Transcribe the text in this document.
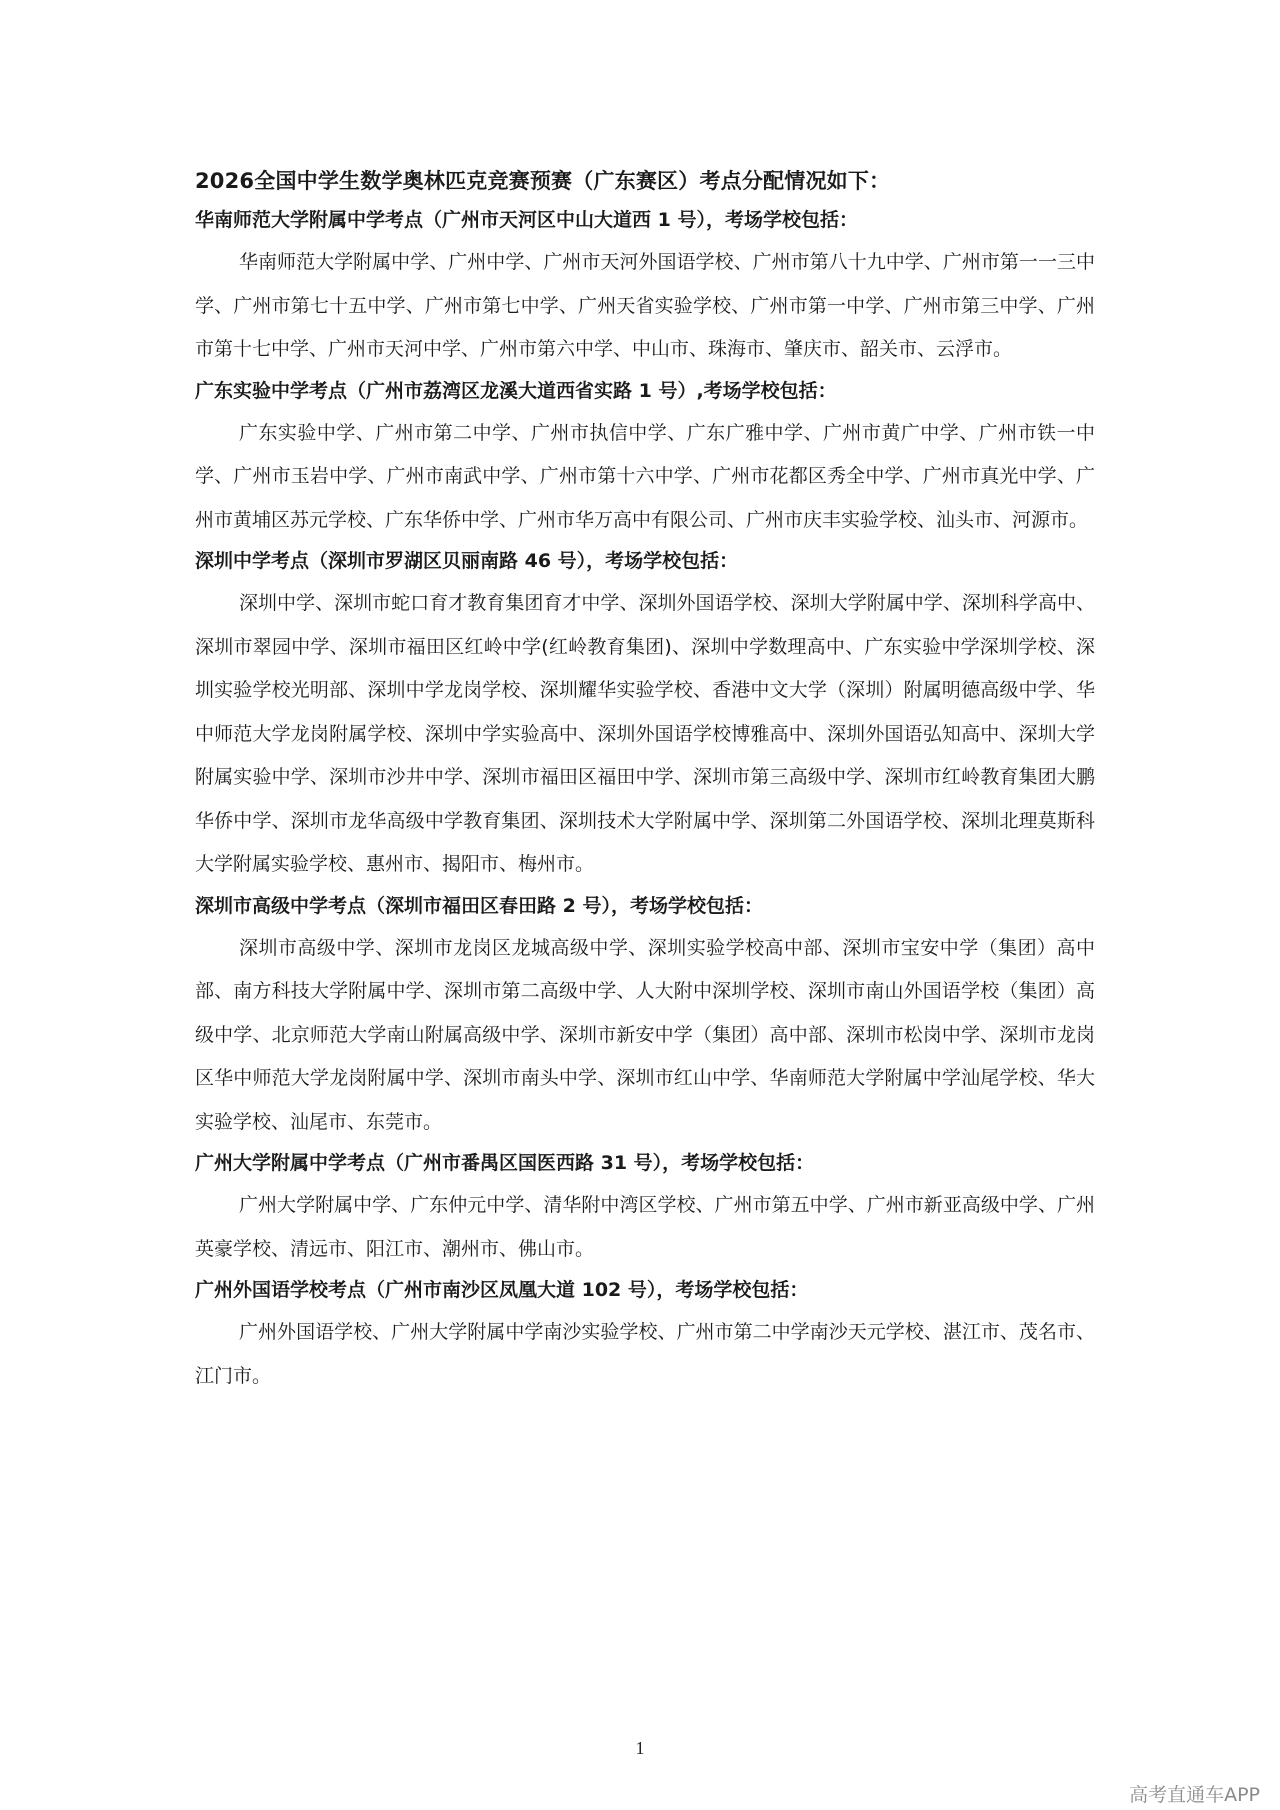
2026全国中学生数学奥林匹克竞赛预赛（广东赛区）考点分配情况如下：
华南师范大学附属中学考点（广州市天河区中山大道西 1 号），考场学校包括：

华南师范大学附属中学、广州中学、广州市天河外国语学校、广州市第八十九中学、广州市第一一三中学、广州市第七十五中学、广州市第七中学、广州天省实验学校、广州市第一中学、广州市第三中学、广州市第十七中学、广州市天河中学、广州市第六中学、中山市、珠海市、肇庆市、韶关市、云浮市。

广东实验中学考点（广州市荔湾区龙溪大道西省实路 1 号）,考场学校包括：

广东实验中学、广州市第二中学、广州市执信中学、广东广雅中学、广州市黄广中学、广州市铁一中学、广州市玉岩中学、广州市南武中学、广州市第十六中学、广州市花都区秀全中学、广州市真光中学、广州市黄埔区苏元学校、广东华侨中学、广州市华万高中有限公司、广州市庆丰实验学校、汕头市、河源市。

深圳中学考点（深圳市罗湖区贝丽南路 46 号），考场学校包括：

深圳中学、深圳市蛇口育才教育集团育才中学、深圳外国语学校、深圳大学附属中学、深圳科学高中、深圳市翠园中学、深圳市福田区红岭中学(红岭教育集团)、深圳中学数理高中、广东实验中学深圳学校、深圳实验学校光明部、深圳中学龙岗学校、深圳耀华实验学校、香港中文大学（深圳）附属明德高级中学、华中师范大学龙岗附属学校、深圳中学实验高中、深圳外国语学校博雅高中、深圳外国语弘知高中、深圳大学附属实验中学、深圳市沙井中学、深圳市福田区福田中学、深圳市第三高级中学、深圳市红岭教育集团大鹏华侨中学、深圳市龙华高级中学教育集团、深圳技术大学附属中学、深圳第二外国语学校、深圳北理莫斯科大学附属实验学校、惠州市、揭阳市、梅州市。

深圳市高级中学考点（深圳市福田区春田路 2 号），考场学校包括：

深圳市高级中学、深圳市龙岗区龙城高级中学、深圳实验学校高中部、深圳市宝安中学（集团）高中部、南方科技大学附属中学、深圳市第二高级中学、人大附中深圳学校、深圳市南山外国语学校（集团）高级中学、北京师范大学南山附属高级中学、深圳市新安中学（集团）高中部、深圳市松岗中学、深圳市龙岗区华中师范大学龙岗附属中学、深圳市南头中学、深圳市红山中学、华南师范大学附属中学汕尾学校、华大实验学校、汕尾市、东莞市。

广州大学附属中学考点（广州市番禺区国医西路 31 号），考场学校包括：

广州大学附属中学、广东仲元中学、清华附中湾区学校、广州市第五中学、广州市新亚高级中学、广州英豪学校、清远市、阳江市、潮州市、佛山市。

广州外国语学校考点（广州市南沙区凤凰大道 102 号），考场学校包括：

广州外国语学校、广州大学附属中学南沙实验学校、广州市第二中学南沙天元学校、湛江市、茂名市、江门市。

1
高考直通车APP
